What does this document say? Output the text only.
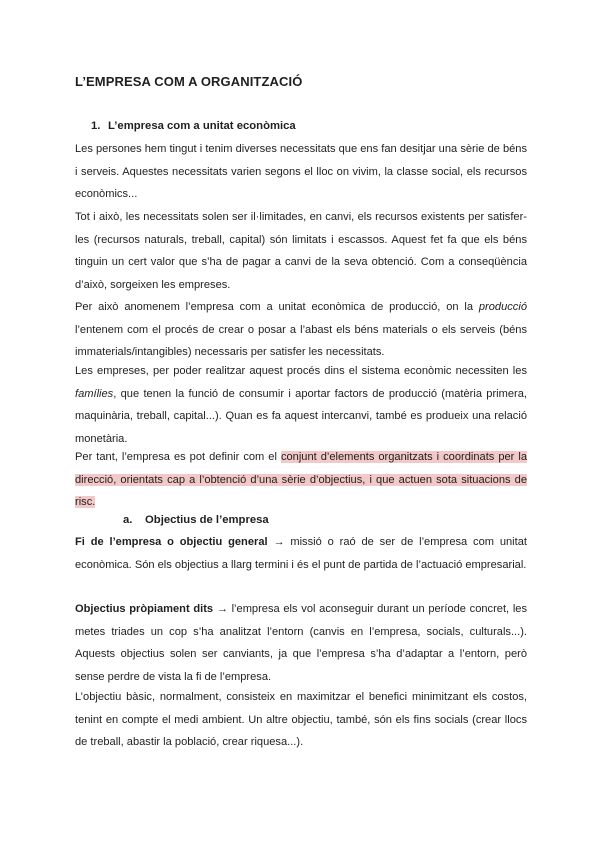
L’EMPRESA COM A ORGANITZACIÓ
1. L’empresa com a unitat econòmica

Les persones hem tingut i tenim diverses necessitats que ens fan desitjar una sèrie de béns i serveis. Aquestes necessitats varien segons el lloc on vivim, la classe social, els recursos econòmics...

Tot i això, les necessitats solen ser il·limitades, en canvi, els recursos existents per satisfer-les (recursos naturals, treball, capital) són limitats i escassos. Aquest fet fa que els béns tinguin un cert valor que s’ha de pagar a canvi de la seva obtenció. Com a conseqüència d’això, sorgeixen les empreses.

Per això anomenem l’empresa com a unitat econòmica de producció, on la producció l’entenem com el procés de crear o posar a l’abast els béns materials o els serveis (béns immaterials/intangibles) necessaris per satisfer les necessitats.

Les empreses, per poder realitzar aquest procés dins el sistema econòmic necessiten les famílies, que tenen la funció de consumir i aportar factors de producció (matèria primera, maquinària, treball, capital...). Quan es fa aquest intercanvi, també es produeix una relació monetària.

Per tant, l’empresa es pot definir com el conjunt d’elements organitzats i coordinats per la direcció, orientats cap a l’obtenció d’una sèrie d’objectius, i que actuen sota situacions de risc.

a. Objectius de l’empresa

Fi de l’empresa o objectiu general → missió o raó de ser de l’empresa com unitat econòmica. Són els objectius a llarg termini i és el punt de partida de l’actuació empresarial.

Objectius pròpiament dits → l’empresa els vol aconseguir durant un període concret, les metes triades un cop s’ha analitzat l’entorn (canvis en l’empresa, socials, culturals...). Aquests objectius solen ser canviants, ja que l’empresa s’ha d’adaptar a l’entorn, però sense perdre de vista la fi de l’empresa.

L’objectiu bàsic, normalment, consisteix en maximitzar el benefici minimitzant els costos, tenint en compte el medi ambient. Un altre objectiu, també, són els fins socials (crear llocs de treball, abastir la població, crear riquesa...).
